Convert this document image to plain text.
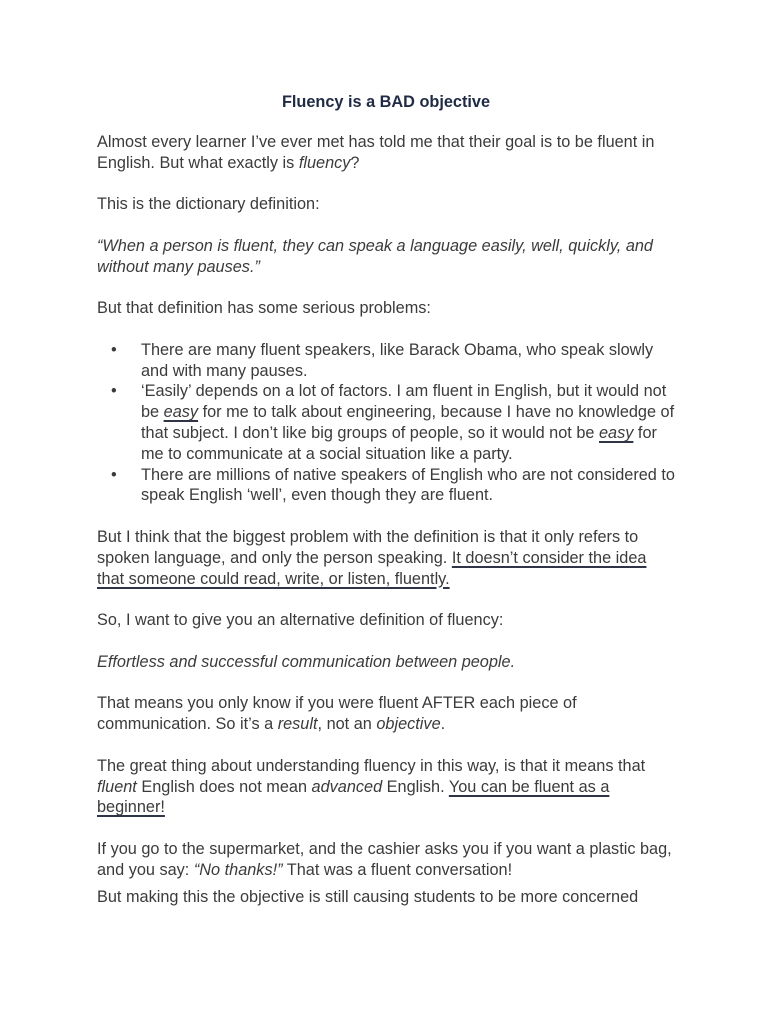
Fluency is a BAD objective

Almost every learner I’ve ever met has told me that their goal is to be fluent in English. But what exactly is fluency?

This is the dictionary definition:

“When a person is fluent, they can speak a language easily, well, quickly, and without many pauses.”

But that definition has some serious problems:

• There are many fluent speakers, like Barack Obama, who speak slowly and with many pauses.
• ‘Easily’ depends on a lot of factors. I am fluent in English, but it would not be easy for me to talk about engineering, because I have no knowledge of that subject. I don’t like big groups of people, so it would not be easy for me to communicate at a social situation like a party.
• There are millions of native speakers of English who are not considered to speak English ‘well’, even though they are fluent.

But I think that the biggest problem with the definition is that it only refers to spoken language, and only the person speaking. It doesn’t consider the idea that someone could read, write, or listen, fluently.

So, I want to give you an alternative definition of fluency:

Effortless and successful communication between people.

That means you only know if you were fluent AFTER each piece of communication. So it’s a result, not an objective.

The great thing about understanding fluency in this way, is that it means that fluent English does not mean advanced English. You can be fluent as a beginner!

If you go to the supermarket, and the cashier asks you if you want a plastic bag, and you say: “No thanks!” That was a fluent conversation!

But making this the objective is still causing students to be more concerned
